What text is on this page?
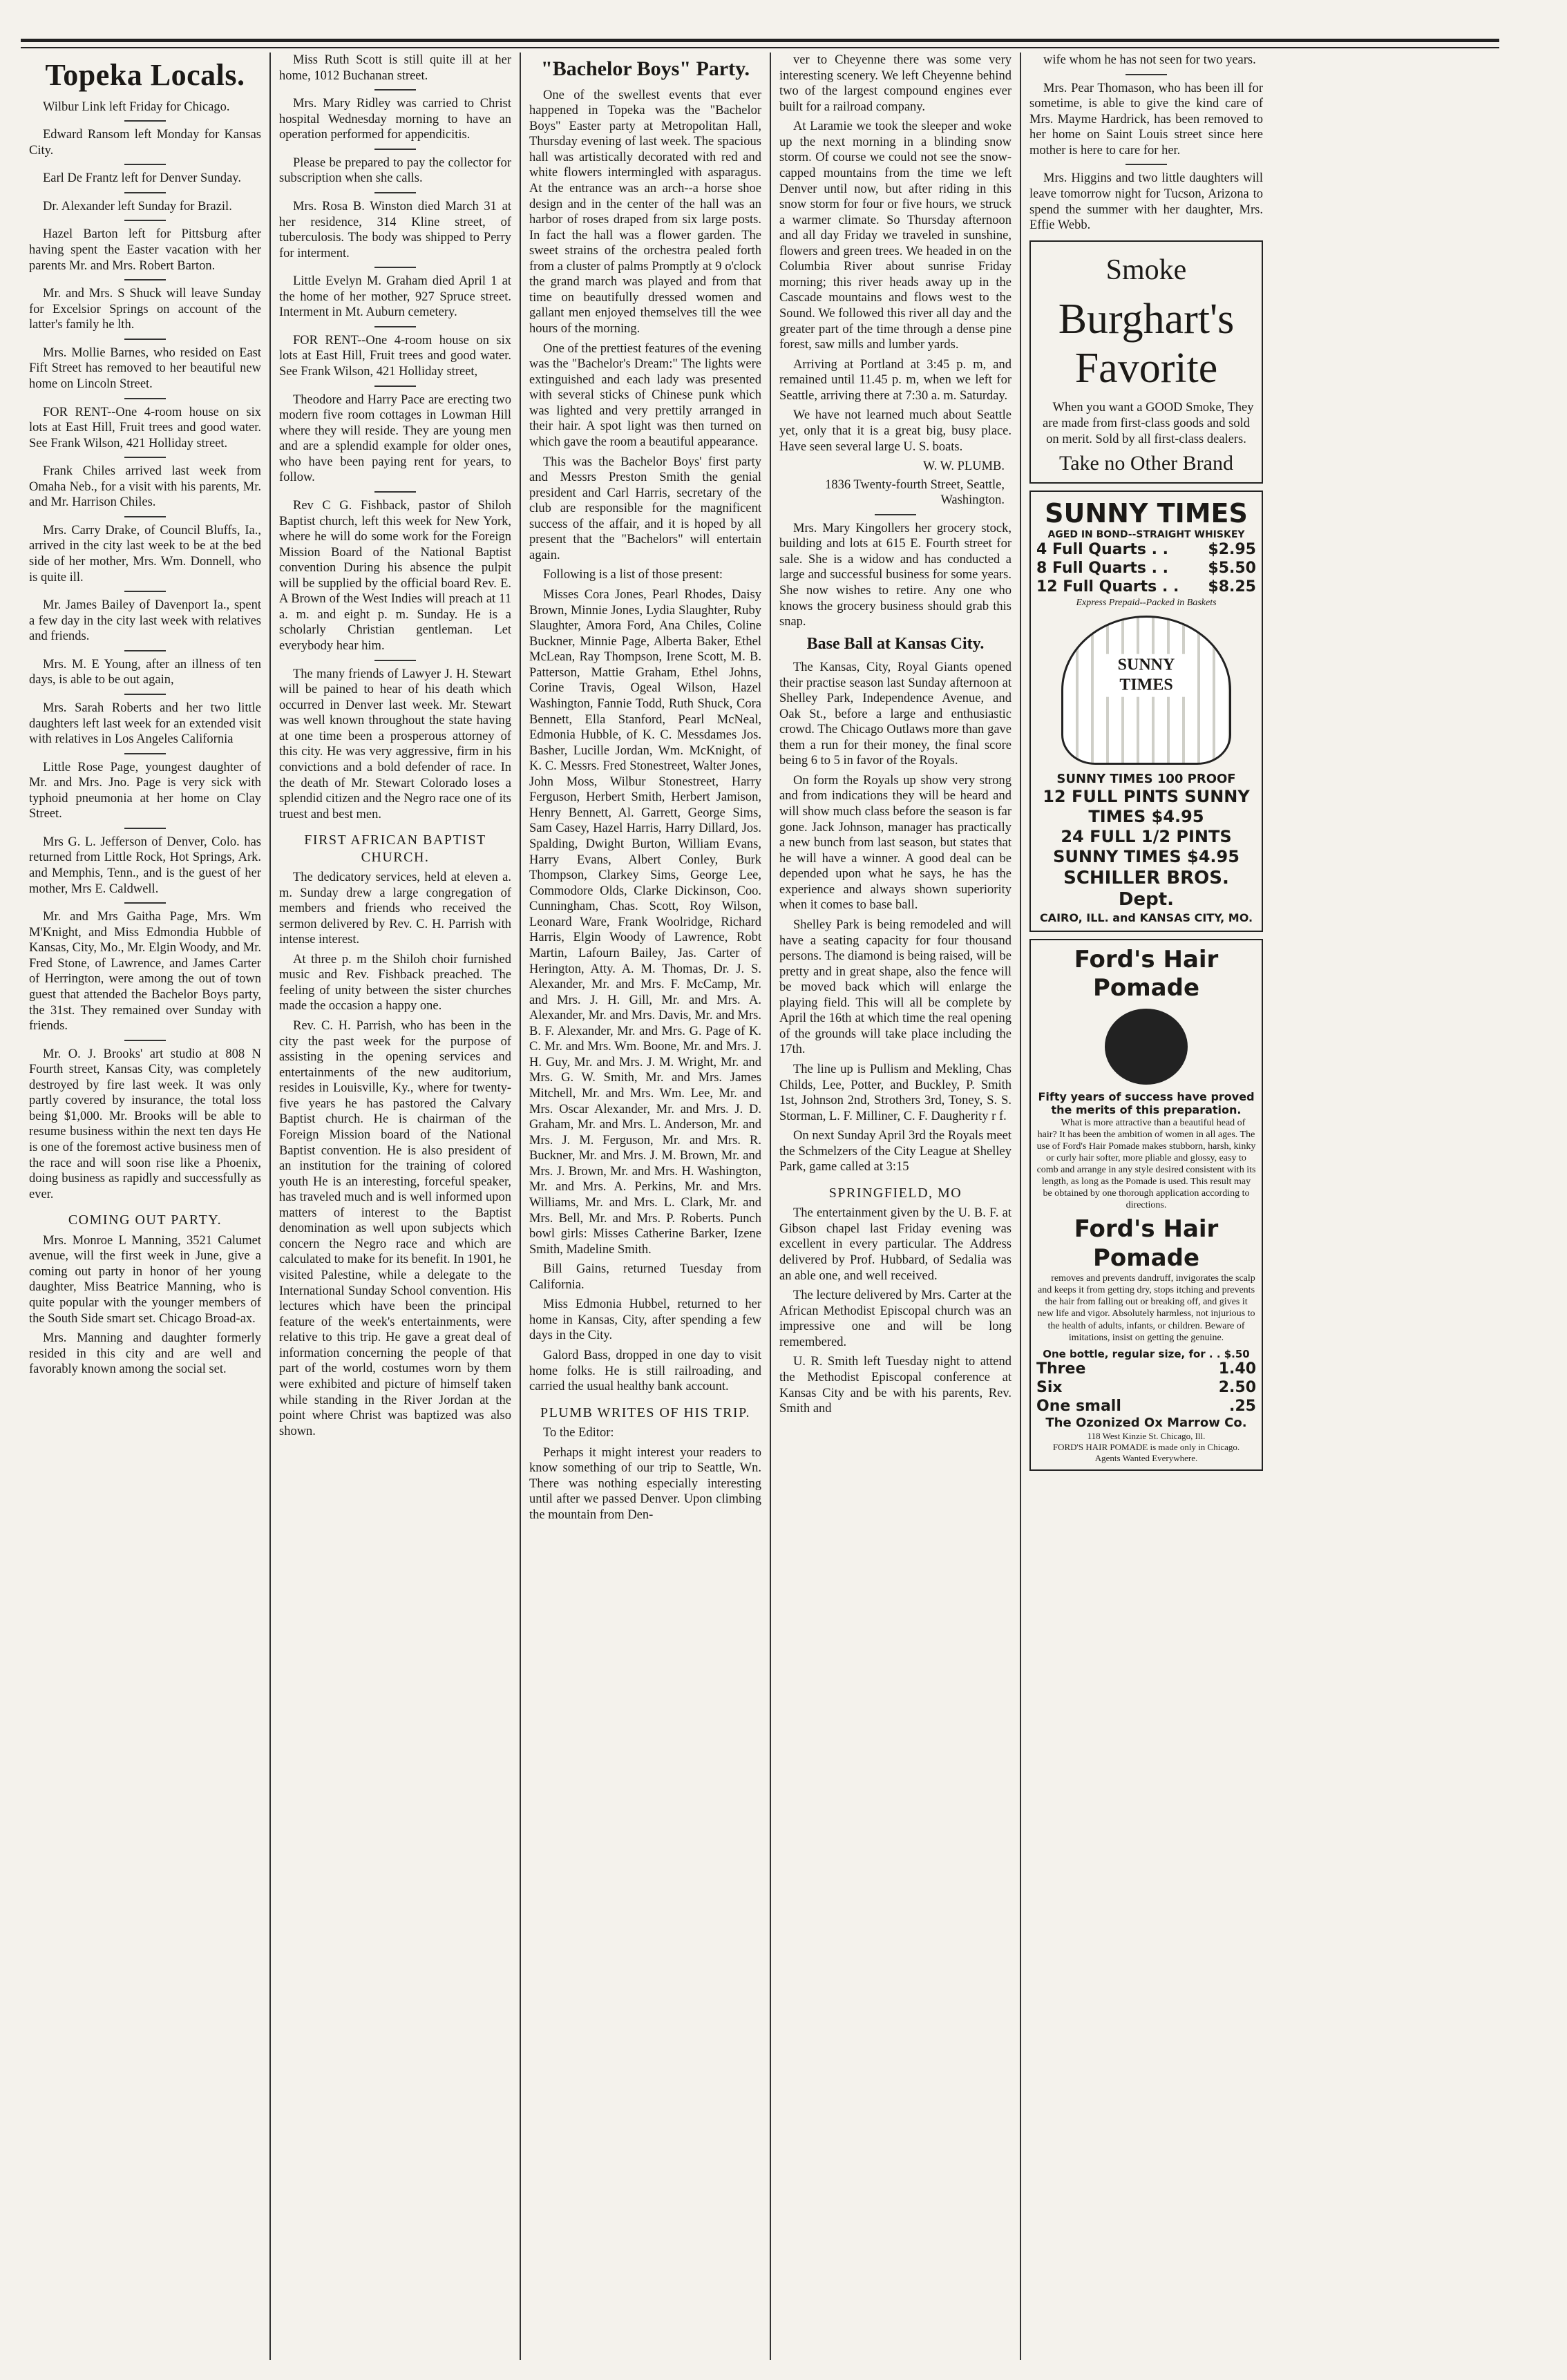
Topeka Locals.

Wilbur Link left Friday for Chicago.

Edward Ransom left Monday for Kansas City.

Earl De Frantz left for Denver Sunday.

Dr. Alexander left Sunday for Brazil.

Hazel Barton left for Pittsburg after having spent the Easter vacation with her parents Mr. and Mrs. Robert Barton.

Mr. and Mrs. S Shuck will leave Sunday for Excelsior Springs on account of the latter's family he lth.

Mrs. Mollie Barnes, who resided on East Fift Street has removed to her beautiful new home on Lincoln Street.

FOR RENT--One 4-room house on six lots at East Hill, Fruit trees and good water. See Frank Wilson, 421 Holliday street.

Frank Chiles arrived last week from Omaha Neb., for a visit with his parents, Mr. and Mr. Harrison Chiles.

Mrs. Carry Drake, of Council Bluffs, Ia., arrived in the city last week to be at the bed side of her mother, Mrs. Wm. Donnell, who is quite ill.

Mr. James Bailey of Davenport Ia., spent a few day in the city last week with relatives and friends.

Mrs. M. E Young, after an illness of ten days, is able to be out again,

Mrs. Sarah Roberts and her two little daughters left last week for an extended visit with relatives in Los Angeles California

Little Rose Page, youngest daughter of Mr. and Mrs. Jno. Page is very sick with typhoid pneumonia at her home on Clay Street.

Mrs G. L. Jefferson of Denver, Colo. has returned from Little Rock, Hot Springs, Ark. and Memphis, Tenn., and is the guest of her mother, Mrs E. Caldwell.

Mr. and Mrs Gaitha Page, Mrs. Wm M'Knight, and Miss Edmondia Hubble of Kansas, City, Mo., Mr. Elgin Woody, and Mr. Fred Stone, of Lawrence, and James Carter of Herrington, were among the out of town guest that attended the Bachelor Boys party, the 31st. They remained over Sunday with friends.

Mr. O. J. Brooks' art studio at 808 N Fourth street, Kansas City, was completely destroyed by fire last week. It was only partly covered by insurance, the total loss being $1,000. Mr. Brooks will be able to resume business within the next ten days He is one of the foremost active business men of the race and will soon rise like a Phoenix, doing business as rapidly and successfully as ever.

COMING OUT PARTY.

Mrs. Monroe L Manning, 3521 Calumet avenue, will the first week in June, give a coming out party in honor of her young daughter, Miss Beatrice Manning, who is quite popular with the younger members of the South Side smart set. Chicago Broad-ax.

Mrs. Manning and daughter formerly resided in this city and are well and favorably known among the social set.

Miss Ruth Scott is still quite ill at her home, 1012 Buchanan street.

Mrs. Mary Ridley was carried to Christ hospital Wednesday morning to have an operation performed for appendicitis.

Please be prepared to pay the collector for subscription when she calls.

Mrs. Rosa B. Winston died March 31 at her residence, 314 Kline street, of tuberculosis. The body was shipped to Perry for interment.

Little Evelyn M. Graham died April 1 at the home of her mother, 927 Spruce street. Interment in Mt. Auburn cemetery.

FOR RENT--One 4-room house on six lots at East Hill, Fruit trees and good water. See Frank Wilson, 421 Holliday street,

Theodore and Harry Pace are erecting two modern five room cottages in Lowman Hill where they will reside. They are young men and are a splendid example for older ones, who have been paying rent for years, to follow.

Rev C G. Fishback, pastor of Shiloh Baptist church, left this week for New York, where he will do some work for the Foreign Mission Board of the National Baptist convention During his absence the pulpit will be supplied by the official board Rev. E. A Brown of the West Indies will preach at 11 a. m. and eight p. m. Sunday. He is a scholarly Christian gentleman. Let everybody hear him.

The many friends of Lawyer J. H. Stewart will be pained to hear of his death which occurred in Denver last week. Mr. Stewart was well known throughout the state having at one time been a prosperous attorney of this city. He was very aggressive, firm in his convictions and a bold defender of race. In the death of Mr. Stewart Colorado loses a splendid citizen and the Negro race one of its truest and best men.

FIRST AFRICAN BAPTIST CHURCH.

The dedicatory services, held at eleven a. m. Sunday drew a large congregation of members and friends who received the sermon delivered by Rev. C. H. Parrish with intense interest.

At three p. m the Shiloh choir furnished music and Rev. Fishback preached. The feeling of unity between the sister churches made the occasion a happy one.

Rev. C. H. Parrish, who has been in the city the past week for the purpose of assisting in the opening services and entertainments of the new auditorium, resides in Louisville, Ky., where for twenty-five years he has pastored the Calvary Baptist church. He is chairman of the Foreign Mission board of the National Baptist convention. He is also president of an institution for the training of colored youth He is an interesting, forceful speaker, has traveled much and is well informed upon matters of interest to the Baptist denomination as well upon subjects which concern the Negro race and which are calculated to make for its benefit. In 1901, he visited Palestine, while a delegate to the International Sunday School convention. His lectures which have been the principal feature of the week's entertainments, were relative to this trip. He gave a great deal of information concerning the people of that part of the world, costumes worn by them were exhibited and picture of himself taken while standing in the River Jordan at the point where Christ was baptized was also shown.

"Bachelor Boys" Party.

One of the swellest events that ever happened in Topeka was the "Bachelor Boys" Easter party at Metropolitan Hall, Thursday evening of last week. The spacious hall was artistically decorated with red and white flowers intermingled with asparagus. At the entrance was an arch--a horse shoe design and in the center of the hall was an harbor of roses draped from six large posts. In fact the hall was a flower garden. The sweet strains of the orchestra pealed forth from a cluster of palms Promptly at 9 o'clock the grand march was played and from that time on beautifully dressed women and gallant men enjoyed themselves till the wee hours of the morning.

One of the prettiest features of the evening was the "Bachelor's Dream:" The lights were extinguished and each lady was presented with several sticks of Chinese punk which was lighted and very prettily arranged in their hair. A spot light was then turned on which gave the room a beautiful appearance.

This was the Bachelor Boys' first party and Messrs Preston Smith the genial president and Carl Harris, secretary of the club are responsible for the magnificent success of the affair, and it is hoped by all present that the "Bachelors" will entertain again.

Following is a list of those present:

Misses Cora Jones, Pearl Rhodes, Daisy Brown, Minnie Jones, Lydia Slaughter, Ruby Slaughter, Amora Ford, Ana Chiles, Coline Buckner, Minnie Page, Alberta Baker, Ethel McLean, Ray Thompson, Irene Scott, M. B. Patterson, Mattie Graham, Ethel Johns, Corine Travis, Ogeal Wilson, Hazel Washington, Fannie Todd, Ruth Shuck, Cora Bennett, Ella Stanford, Pearl McNeal, Edmonia Hubble, of K. C. Messdames Jos. Basher, Lucille Jordan, Wm. McKnight, of K. C. Messrs. Fred Stonestreet, Walter Jones, John Moss, Wilbur Stonestreet, Harry Ferguson, Herbert Smith, Herbert Jamison, Henry Bennett, Al. Garrett, George Sims, Sam Casey, Hazel Harris, Harry Dillard, Jos. Spalding, Dwight Burton, William Evans, Harry Evans, Albert Conley, Burk Thompson, Clarkey Sims, George Lee, Commodore Olds, Clarke Dickinson, Coo. Cunningham, Chas. Scott, Roy Wilson, Leonard Ware, Frank Woolridge, Richard Harris, Elgin Woody of Lawrence, Robt Martin, Lafourn Bailey, Jas. Carter of Herington, Atty. A. M. Thomas, Dr. J. S. Alexander, Mr. and Mrs. F. McCamp, Mr. and Mrs. J. H. Gill, Mr. and Mrs. A. Alexander, Mr. and Mrs. Davis, Mr. and Mrs. B. F. Alexander, Mr. and Mrs. G. Page of K. C. Mr. and Mrs. Wm. Boone, Mr. and Mrs. J. H. Guy, Mr. and Mrs. J. M. Wright, Mr. and Mrs. G. W. Smith, Mr. and Mrs. James Mitchell, Mr. and Mrs. Wm. Lee, Mr. and Mrs. Oscar Alexander, Mr. and Mrs. J. D. Graham, Mr. and Mrs. L. Anderson, Mr. and Mrs. J. M. Ferguson, Mr. and Mrs. R. Buckner, Mr. and Mrs. J. M. Brown, Mr. and Mrs. J. Brown, Mr. and Mrs. H. Washington, Mr. and Mrs. A. Perkins, Mr. and Mrs. Williams, Mr. and Mrs. L. Clark, Mr. and Mrs. Bell, Mr. and Mrs. P. Roberts. Punch bowl girls: Misses Catherine Barker, Izene Smith, Madeline Smith.

Bill Gains, returned Tuesday from California.

Miss Edmonia Hubbel, returned to her home in Kansas, City, after spending a few days in the City.

Galord Bass, dropped in one day to visit home folks. He is still railroading, and carried the usual healthy bank account.

PLUMB WRITES OF HIS TRIP.

To the Editor:

Perhaps it might interest your readers to know something of our trip to Seattle, Wn. There was nothing especially interesting until after we passed Denver. Upon climbing the mountain from Den-

ver to Cheyenne there was some very interesting scenery. We left Cheyenne behind two of the largest compound engines ever built for a railroad company.

At Laramie we took the sleeper and woke up the next morning in a blinding snow storm. Of course we could not see the snow-capped mountains from the time we left Denver until now, but after riding in this snow storm for four or five hours, we struck a warmer climate. So Thursday afternoon and all day Friday we traveled in sunshine, flowers and green trees. We headed in on the Columbia River about sunrise Friday morning; this river heads away up in the Cascade mountains and flows west to the Sound. We followed this river all day and the greater part of the time through a dense pine forest, saw mills and lumber yards.

Arriving at Portland at 3:45 p. m, and remained until 11.45 p. m, when we left for Seattle, arriving there at 7:30 a. m. Saturday.

We have not learned much about Seattle yet, only that it is a great big, busy place. Have seen several large U. S. boats.

W. W. PLUMB.
1836 Twenty-fourth Street, Seattle, Washington.

Mrs. Mary Kingollers her grocery stock, building and lots at 615 E. Fourth street for sale. She is a widow and has conducted a large and successful business for some years. She now wishes to retire. Any one who knows the grocery business should grab this snap.

Base Ball at Kansas City.

The Kansas, City, Royal Giants opened their practise season last Sunday afternoon at Shelley Park, Independence Avenue, and Oak St., before a large and enthusiastic crowd. The Chicago Outlaws more than gave them a run for their money, the final score being 6 to 5 in favor of the Royals.

On form the Royals up show very strong and from indications they will be heard and will show much class before the season is far gone. Jack Johnson, manager has practically a new bunch from last season, but states that he will have a winner. A good deal can be depended upon what he says, he has the experience and always shown superiority when it comes to base ball.

Shelley Park is being remodeled and will have a seating capacity for four thousand persons. The diamond is being raised, will be pretty and in great shape, also the fence will be moved back which will enlarge the playing field. This will all be complete by April the 16th at which time the real opening of the grounds will take place including the 17th.

The line up is Pullism and Mekling, Chas Childs, Lee, Potter, and Buckley, P. Smith 1st, Johnson 2nd, Strothers 3rd, Toney, S. S. Storman, L. F. Milliner, C. F. Daugherity r f.

On next Sunday April 3rd the Royals meet the Schmelzers of the City League at Shelley Park, game called at 3:15

SPRINGFIELD, MO

The entertainment given by the U. B. F. at Gibson chapel last Friday evening was excellent in every particular. The Address delivered by Prof. Hubbard, of Sedalia was an able one, and well received.

The lecture delivered by Mrs. Carter at the African Methodist Episcopal church was an impressive one and will be long remembered.

U. R. Smith left Tuesday night to attend the Methodist Episcopal conference at Kansas City and be with his parents, Rev. Smith and

wife whom he has not seen for two years.

Mrs. Pear Thomason, who has been ill for sometime, is able to give the kind care of Mrs. Mayme Hardrick, has been removed to her home on Saint Louis street since here mother is here to care for her.

Mrs. Higgins and two little daughters will leave tomorrow night for Tucson, Arizona to spend the summer with her daughter, Mrs. Effie Webb.

Smoke
Burghart's Favorite

When you want a GOOD Smoke, They are made from first-class goods and sold on merit. Sold by all first-class dealers.

Take no Other Brand
SUNNY TIMES
AGED IN BOND--STRAIGHT WHISKEY
4 Full Quarts . .	$2.95
8 Full Quarts . .	$5.50
12 Full Quarts . . $8.25
Express Prepaid--Packed in Baskets
SUNNY TIMES
SUNNY TIMES 100 PROOF
12 FULL PINTS SUNNY TIMES $4.95
24 FULL 1/2 PINTS SUNNY TIMES $4.95
SCHILLER BROS. Dept.
CAIRO, ILL. and KANSAS CITY, MO.
Ford's Hair Pomade
Fifty years of success have proved the merits of this preparation.

What is more attractive than a beautiful head of hair? It has been the ambition of women in all ages. The use of Ford's Hair Pomade makes stubborn, harsh, kinky or curly hair softer, more pliable and glossy, easy to comb and arrange in any style desired consistent with its length, as long as the Pomade is used. This result may be obtained by one thorough application according to directions.

Ford's Hair Pomade

removes and prevents dandruff, invigorates the scalp and keeps it from getting dry, stops itching and prevents the hair from falling out or breaking off, and gives it new life and vigor. Absolutely harmless, not injurious to the health of adults, infants, or children. Beware of imitations, insist on getting the genuine.

One bottle, regular size, for . . $.50
Three	1.40
Six	2.50
One small	.25
The Ozonized Ox Marrow Co.
118 West Kinzie St. Chicago, Ill.
FORD'S HAIR POMADE is made only in Chicago.
Agents Wanted Everywhere.
